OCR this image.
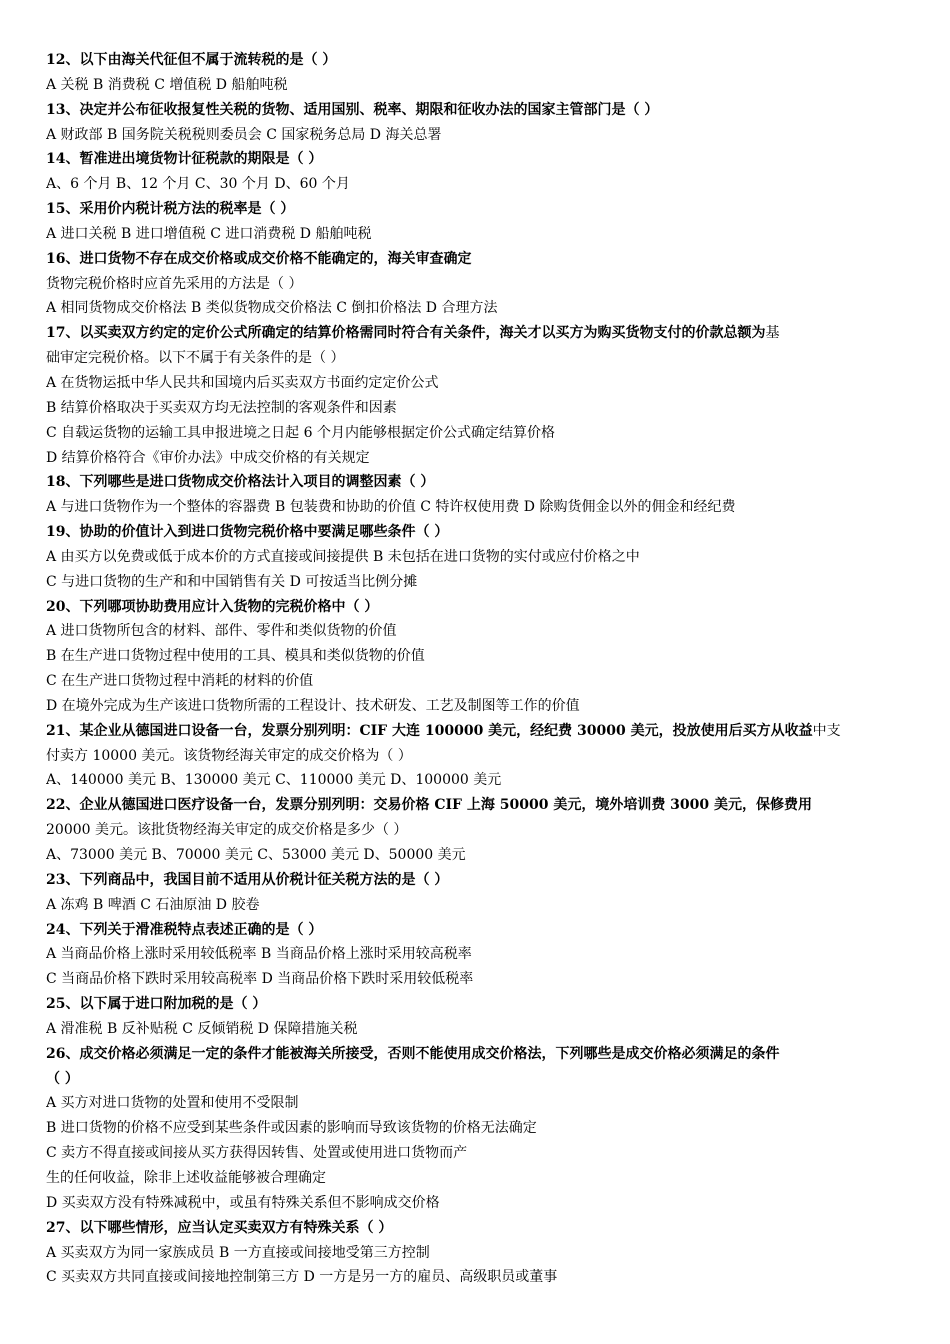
12、以下由海关代征但不属于流转税的是（ ）
A 关税 B 消费税 C 增值税 D 船舶吨税
13、决定并公布征收报复性关税的货物、适用国别、税率、期限和征收办法的国家主管部门是（ ）
A 财政部 B 国务院关税税则委员会 C 国家税务总局 D 海关总署
14、暂准进出境货物计征税款的期限是（ ）
A、6 个月 B、12 个月 C、30 个月 D、60 个月
15、采用价内税计税方法的税率是（ ）
A 进口关税 B 进口增值税 C 进口消费税 D 船舶吨税
16、进口货物不存在成交价格或成交价格不能确定的，海关审查确定
货物完税价格时应首先采用的方法是（ ）
A 相同货物成交价格法 B 类似货物成交价格法 C 倒扣价格法 D 合理方法
17、以买卖双方约定的定价公式所确定的结算价格需同时符合有关条件，海关才以买方为购买货物支付的价款总额为基
础审定完税价格。以下不属于有关条件的是（ ）
A 在货物运抵中华人民共和国境内后买卖双方书面约定定价公式
B 结算价格取决于买卖双方均无法控制的客观条件和因素
C 自载运货物的运输工具申报进境之日起 6 个月内能够根据定价公式确定结算价格
D 结算价格符合《审价办法》中成交价格的有关规定
18、下列哪些是进口货物成交价格法计入项目的调整因素（ ）
A 与进口货物作为一个整体的容器费 B 包装费和协助的价值 C 特许权使用费 D 除购货佣金以外的佣金和经纪费
19、协助的价值计入到进口货物完税价格中要满足哪些条件（ ）
A 由买方以免费或低于成本价的方式直接或间接提供 B 未包括在进口货物的实付或应付价格之中
C 与进口货物的生产和和中国销售有关 D 可按适当比例分摊
20、下列哪项协助费用应计入货物的完税价格中（ ）
A 进口货物所包含的材料、部件、零件和类似货物的价值
B 在生产进口货物过程中使用的工具、模具和类似货物的价值
C 在生产进口货物过程中消耗的材料的价值
D 在境外完成为生产该进口货物所需的工程设计、技术研发、工艺及制图等工作的价值
21、某企业从德国进口设备一台，发票分别列明：CIF 大连 100000 美元，经纪费 30000 美元，投放使用后买方从收益中支
付卖方 10000 美元。该货物经海关审定的成交价格为（ ）
A、140000 美元 B、130000 美元 C、110000 美元 D、100000 美元
22、企业从德国进口医疗设备一台，发票分别列明：交易价格 CIF 上海 50000 美元，境外培训费 3000 美元，保修费用
20000 美元。该批货物经海关审定的成交价格是多少（ ）
A、73000 美元 B、70000 美元 C、53000 美元 D、50000 美元
23、下列商品中，我国目前不适用从价税计征关税方法的是（ ）
A 冻鸡 B 啤酒 C 石油原油 D 胶卷
24、下列关于滑准税特点表述正确的是（ ）
A 当商品价格上涨时采用较低税率 B 当商品价格上涨时采用较高税率
C 当商品价格下跌时采用较高税率 D 当商品价格下跌时采用较低税率
25、以下属于进口附加税的是（ ）
A 滑准税 B 反补贴税 C 反倾销税 D 保障措施关税
26、成交价格必须满足一定的条件才能被海关所接受，否则不能使用成交价格法，下列哪些是成交价格必须满足的条件
（ ）
A 买方对进口货物的处置和使用不受限制
B 进口货物的价格不应受到某些条件或因素的影响而导致该货物的价格无法确定
C 卖方不得直接或间接从买方获得因转售、处置或使用进口货物而产
生的任何收益，除非上述收益能够被合理确定
D 买卖双方没有特殊减税中，或虽有特殊关系但不影响成交价格
27、以下哪些情形，应当认定买卖双方有特殊关系（ ）
A 买卖双方为同一家族成员 B 一方直接或间接地受第三方控制
C 买卖双方共同直接或间接地控制第三方 D 一方是另一方的雇员、高级职员或董事
